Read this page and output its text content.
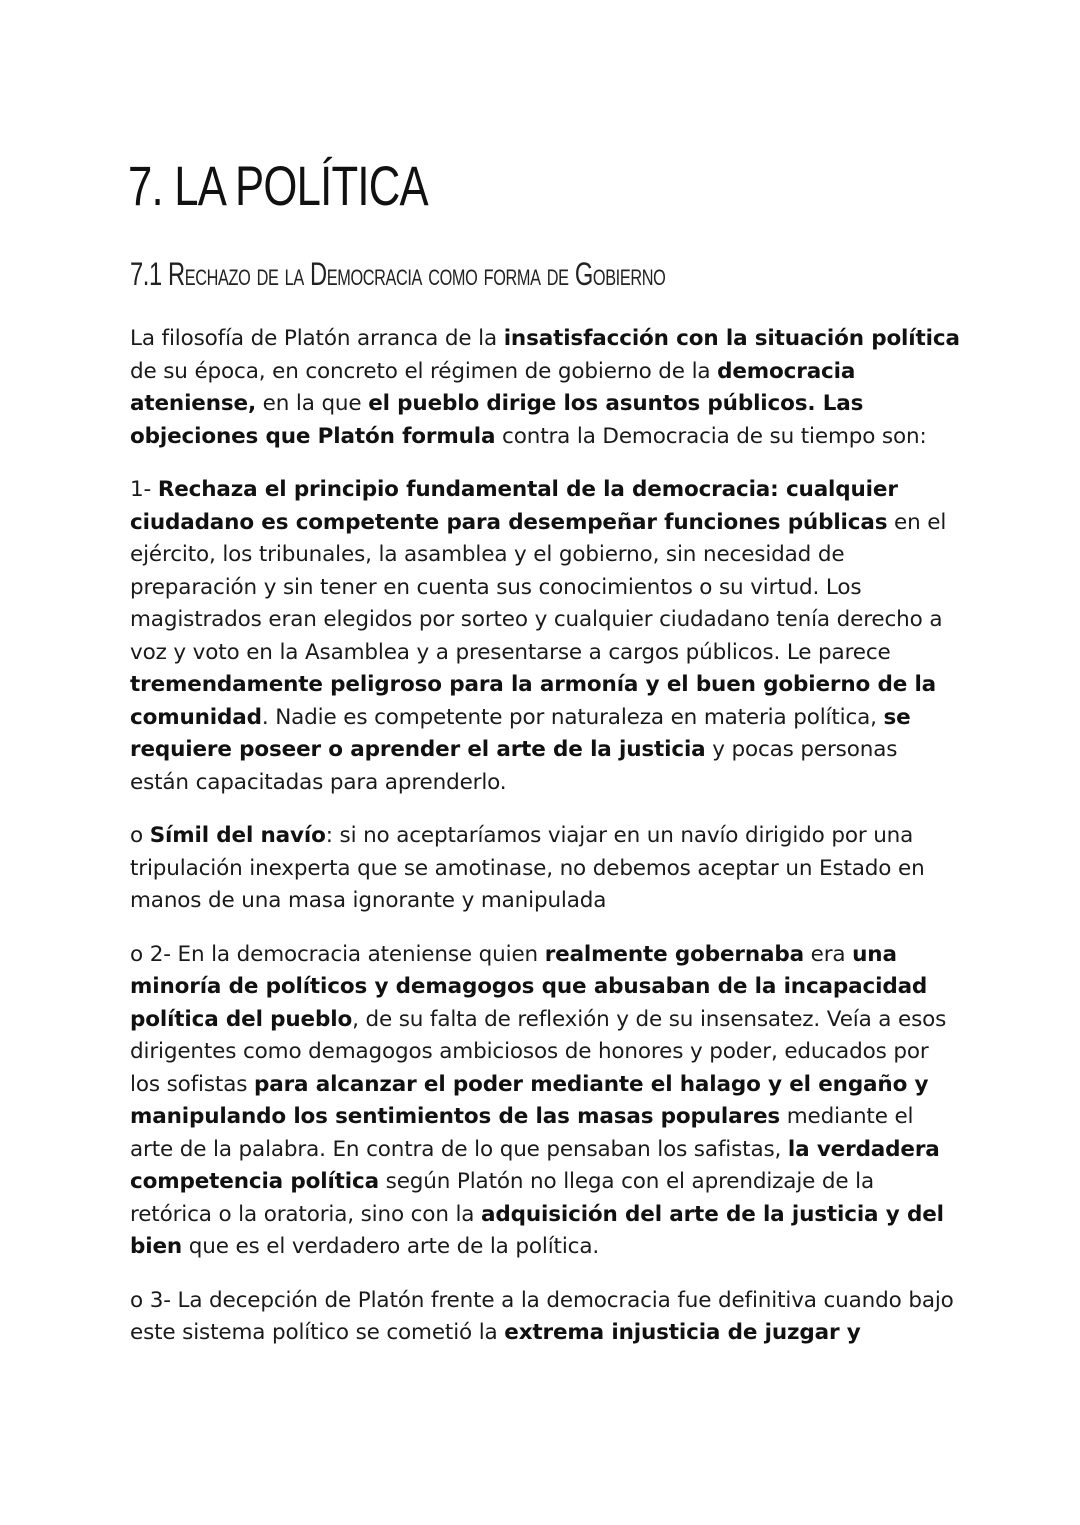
7. LA POLÍTICA
7.1 Rechazo de la Democracia como forma de Gobierno

La filosofía de Platón arranca de la insatisfacción con la situación política de su época, en concreto el régimen de gobierno de la democracia ateniense, en la que el pueblo dirige los asuntos públicos. Las objeciones que Platón formula contra la Democracia de su tiempo son:

1- Rechaza el principio fundamental de la democracia: cualquier ciudadano es competente para desempeñar funciones públicas en el ejército, los tribunales, la asamblea y el gobierno, sin necesidad de preparación y sin tener en cuenta sus conocimientos o su virtud. Los magistrados eran elegidos por sorteo y cualquier ciudadano tenía derecho a voz y voto en la Asamblea y a presentarse a cargos públicos. Le parece tremendamente peligroso para la armonía y el buen gobierno de la comunidad. Nadie es competente por naturaleza en materia política, se requiere poseer o aprender el arte de la justicia y pocas personas están capacitadas para aprenderlo.

o Símil del navío: si no aceptaríamos viajar en un navío dirigido por una tripulación inexperta que se amotinase, no debemos aceptar un Estado en manos de una masa ignorante y manipulada

o 2- En la democracia ateniense quien realmente gobernaba era una minoría de políticos y demagogos que abusaban de la incapacidad política del pueblo, de su falta de reflexión y de su insensatez. Veía a esos dirigentes como demagogos ambiciosos de honores y poder, educados por los sofistas para alcanzar el poder mediante el halago y el engaño y manipulando los sentimientos de las masas populares mediante el arte de la palabra. En contra de lo que pensaban los safistas, la verdadera competencia política según Platón no llega con el aprendizaje de la retórica o la oratoria, sino con la adquisición del arte de la justicia y del bien que es el verdadero arte de la política.

o 3- La decepción de Platón frente a la democracia fue definitiva cuando bajo este sistema político se cometió la extrema injusticia de juzgar y
